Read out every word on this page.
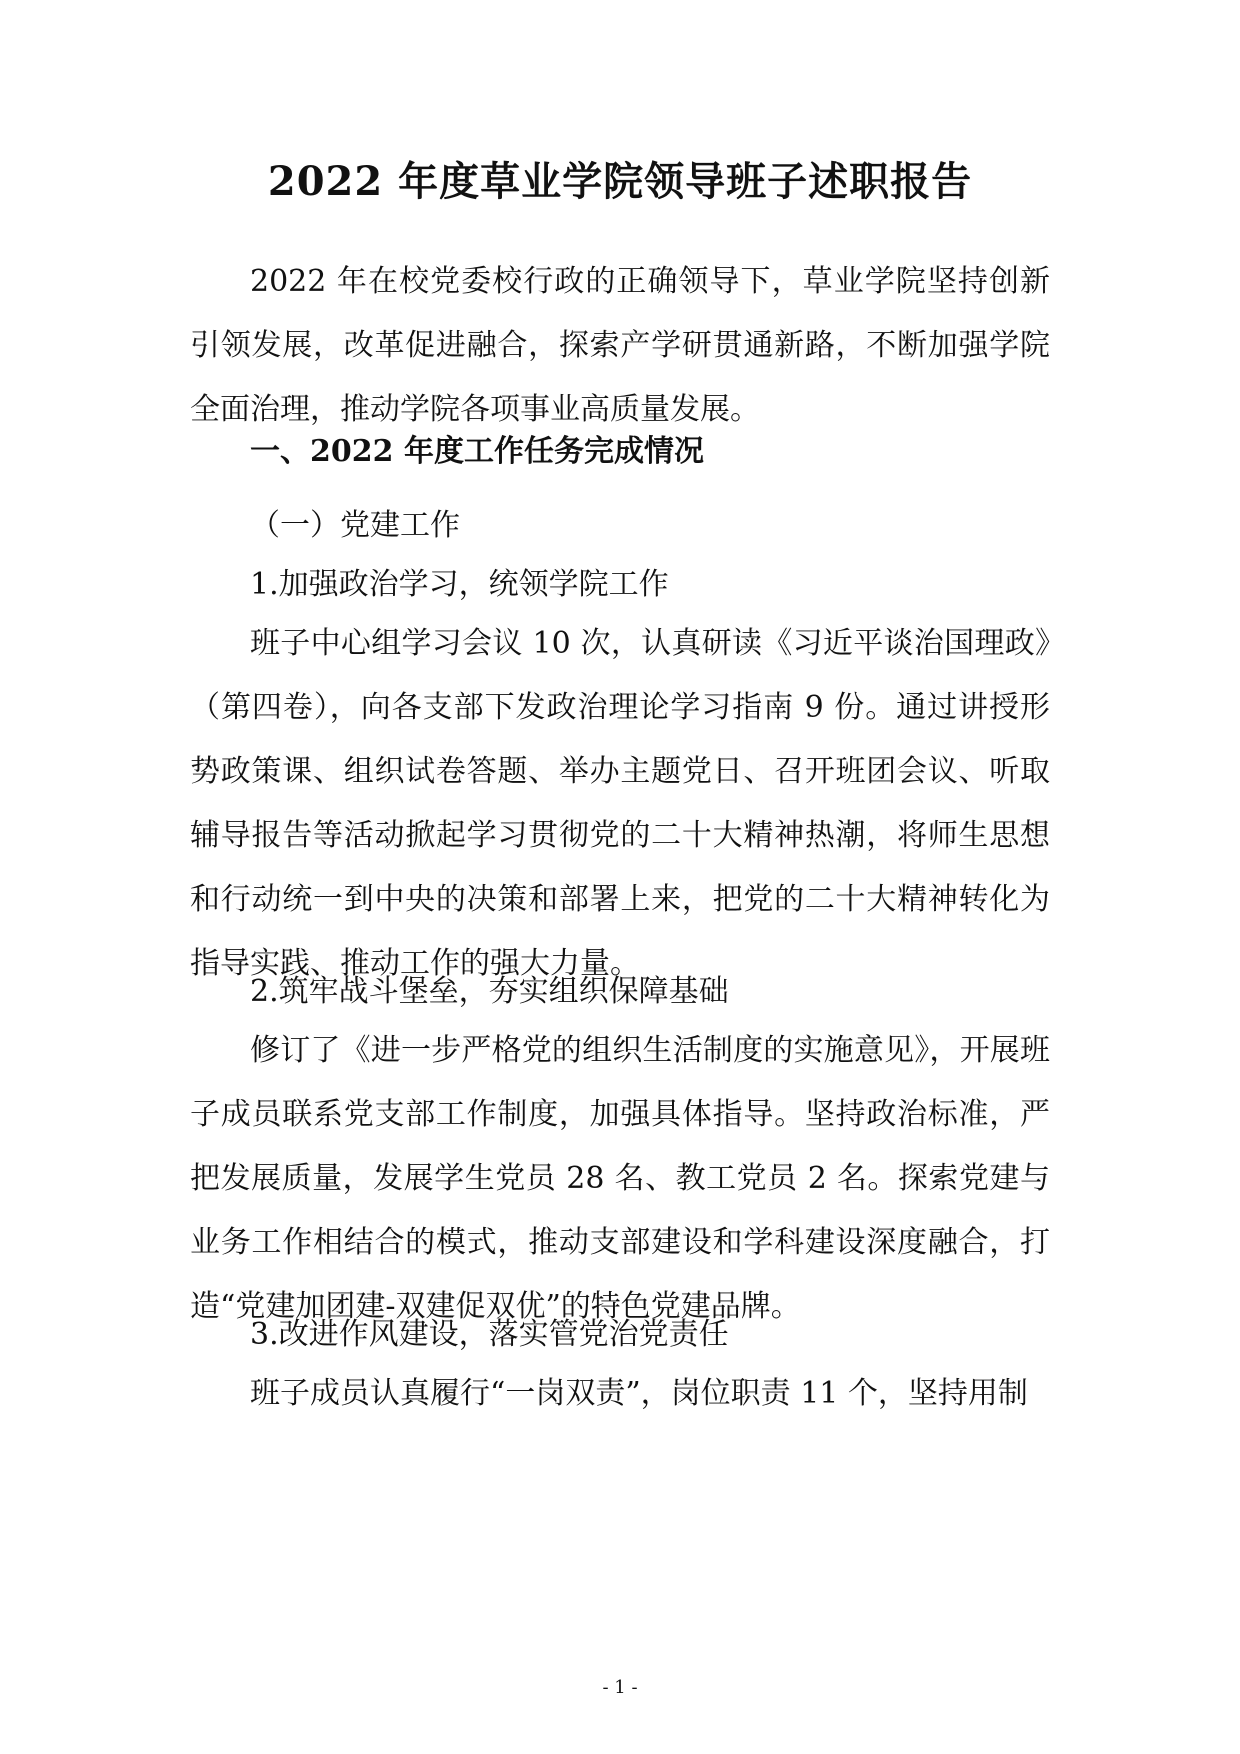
2022 年度草业学院领导班子述职报告

2022 年在校党委校行政的正确领导下，草业学院坚持创新引领发展，改革促进融合，探索产学研贯通新路，不断加强学院全面治理，推动学院各项事业高质量发展。

一、2022 年度工作任务完成情况
（一）党建工作
1.加强政治学习，统领学院工作

班子中心组学习会议 10 次，认真研读《习近平谈治国理政》（第四卷），向各支部下发政治理论学习指南 9 份。通过讲授形势政策课、组织试卷答题、举办主题党日、召开班团会议、听取辅导报告等活动掀起学习贯彻党的二十大精神热潮，将师生思想和行动统一到中央的决策和部署上来，把党的二十大精神转化为指导实践、推动工作的强大力量。

2.筑牢战斗堡垒，夯实组织保障基础

修订了《进一步严格党的组织生活制度的实施意见》，开展班子成员联系党支部工作制度，加强具体指导。坚持政治标准，严把发展质量，发展学生党员 28 名、教工党员 2 名。探索党建与业务工作相结合的模式，推动支部建设和学科建设深度融合，打造“党建加团建-双建促双优”的特色党建品牌。

3.改进作风建设，落实管党治党责任

班子成员认真履行“一岗双责”，岗位职责 11 个，坚持用制

- 1 -
